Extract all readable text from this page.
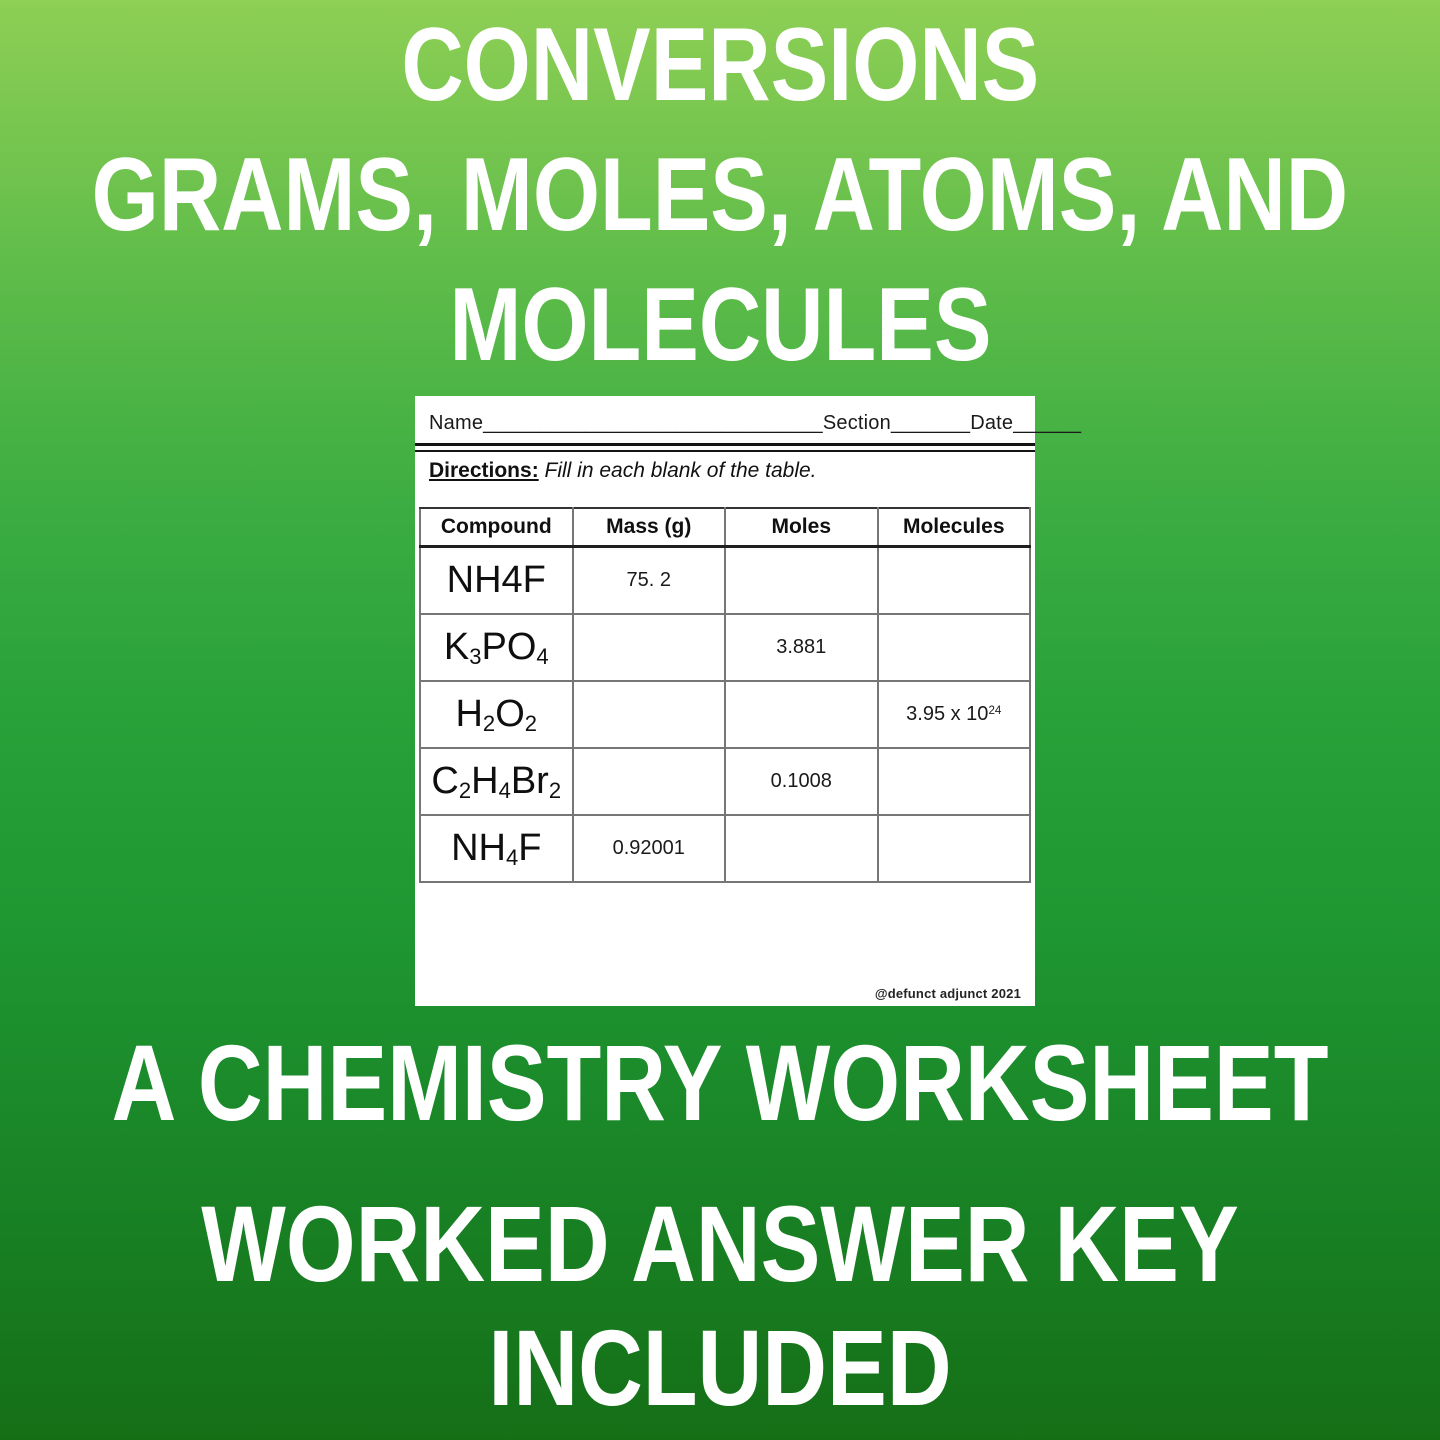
CONVERSIONS
GRAMS, MOLES, ATOMS, AND
MOLECULES
Name______________________________Section_______Date______
Directions: Fill in each blank of the table.
Compound	Mass (g)	Moles	Molecules
NH4F	75. 2		
$K_3PO_4$		3.881	
$H_2O_2$			3.95 x $10^{24}$
$C_2H_4Br_2$		0.1008	
$NH_4F$	0.92001		
@defunct adjunct 2021
A CHEMISTRY WORKSHEET
WORKED ANSWER KEY
INCLUDED
